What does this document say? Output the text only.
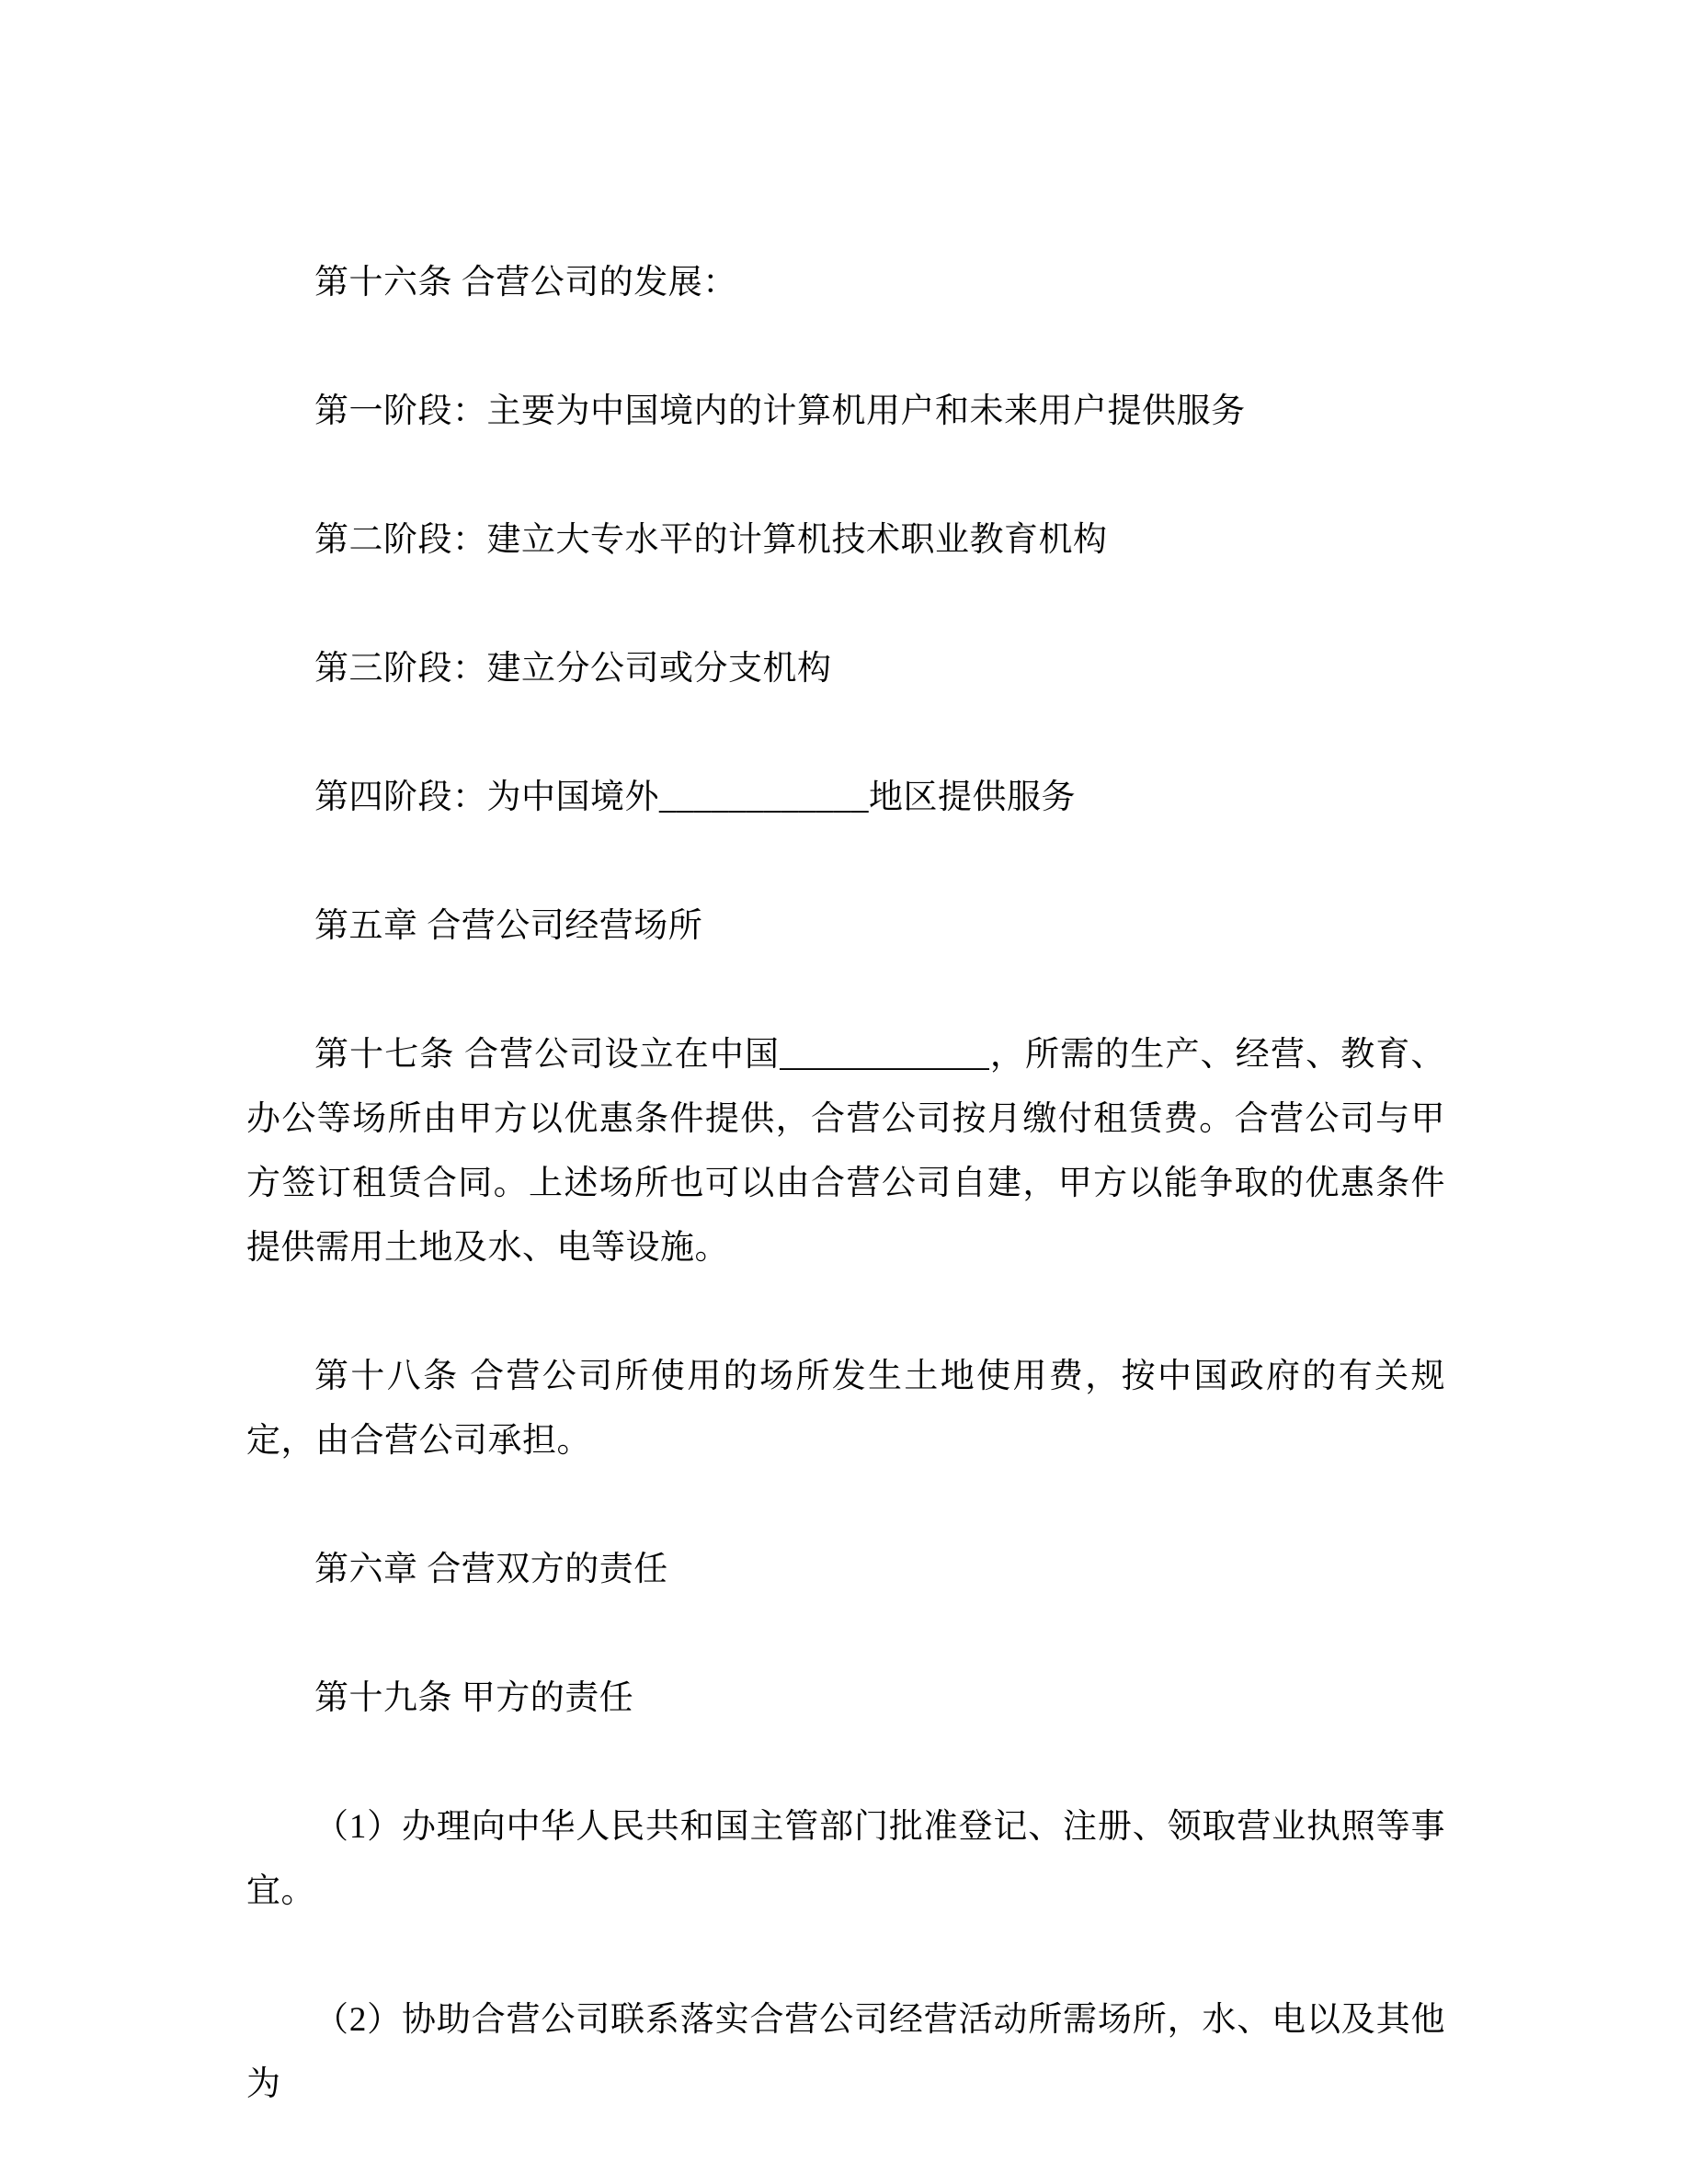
第十六条 合营公司的发展：

第一阶段：主要为中国境内的计算机用户和未来用户提供服务

第二阶段：建立大专水平的计算机技术职业教育机构

第三阶段：建立分公司或分支机构

第四阶段：为中国境外____________地区提供服务

第五章 合营公司经营场所

第十七条 合营公司设立在中国____________，所需的生产、经营、教育、办公等场所由甲方以优惠条件提供，合营公司按月缴付租赁费。合营公司与甲方签订租赁合同。上述场所也可以由合营公司自建，甲方以能争取的优惠条件提供需用土地及水、电等设施。

第十八条 合营公司所使用的场所发生土地使用费，按中国政府的有关规定，由合营公司承担。

第六章 合营双方的责任

第十九条 甲方的责任

（1）办理向中华人民共和国主管部门批准登记、注册、领取营业执照等事宜。

（2）协助合营公司联系落实合营公司经营活动所需场所，水、电以及其他为
